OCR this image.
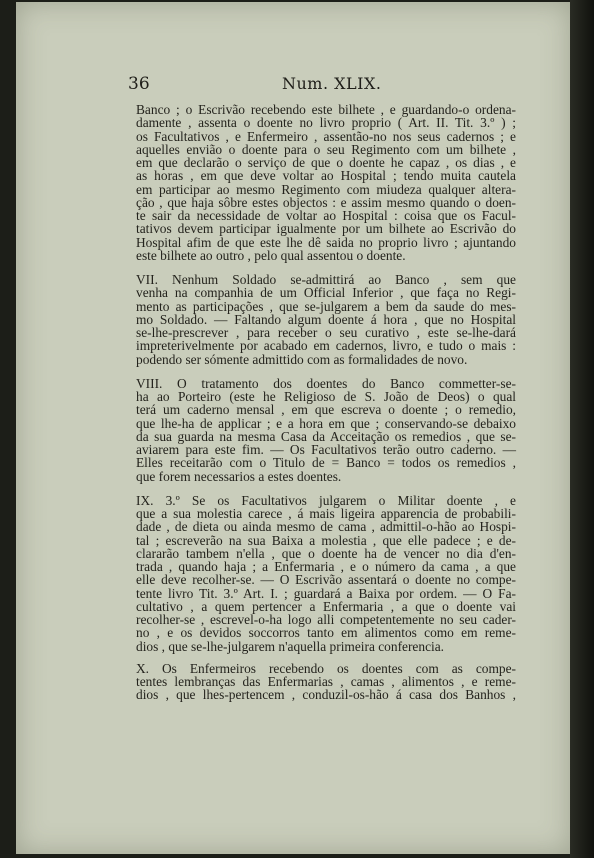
36	Num. XLIX.
Banco ; o Escrivão recebendo este bilhete , e guardando-o ordena-
damente , assenta o doente no livro proprio ( Art. II. Tit. 3.º ) ;
os Facultativos , e Enfermeiro , assentão-no nos seus cadernos ; e
aquelles envião o doente para o seu Regimento com um bilhete ,
em que declarão o serviço de que o doente he capaz , os dias , e
as horas , em que deve voltar ao Hospital ; tendo muita cautela
em participar ao mesmo Regimento com miudeza qualquer altera-
ção , que haja sôbre estes objectos : e assim mesmo quando o doen-
te sair da necessidade de voltar ao Hospital : coisa que os Facul-
tativos devem participar igualmente por um bilhete ao Escrivão do
Hospital afim de que este lhe dê saida no proprio livro ; ajuntando
este bilhete ao outro , pelo qual assentou o doente.
VII. Nenhum Soldado se-admittirá ao Banco , sem que
venha na companhia de um Official Inferior , que faça no Regi-
mento as participações , que se-julgarem a bem da saude do mes-
mo Soldado. — Faltando algum doente á hora , que no Hospital
se-lhe-prescrever , para receber o seu curativo , este se-lhe-dará
impreterivelmente por acabado em cadernos, livro, e tudo o mais :
podendo ser sómente admittido com as formalidades de novo.
VIII. O tratamento dos doentes do Banco commetter-se-
ha ao Porteiro (este he Religioso de S. João de Deos) o qual
terá um caderno mensal , em que escreva o doente ; o remedio,
que lhe-ha de applicar ; e a hora em que ; conservando-se debaixo
da sua guarda na mesma Casa da Acceitação os remedios , que se-
aviarem para este fim. — Os Facultativos terão outro caderno. —
Elles receitarão com o Titulo de = Banco = todos os remedios ,
que forem necessarios a estes doentes.
IX. 3.º Se os Facultativos julgarem o Militar doente , e
que a sua molestia carece , á mais ligeira apparencia de probabili-
dade , de dieta ou ainda mesmo de cama , admittil-o-hão ao Hospi-
tal ; escreverão na sua Baixa a molestia , que elle padece ; e de-
clararão tambem n'ella , que o doente ha de vencer no dia d'en-
trada , quando haja ; a Enfermaria , e o número da cama , a que
elle deve recolher-se. — O Escrivão assentará o doente no compe-
tente livro Tit. 3.º Art. I. ; guardará a Baixa por ordem. — O Fa-
cultativo , a quem pertencer a Enfermaria , a que o doente vai
recolher-se , escrevel-o-ha logo alli competentemente no seu cader-
no , e os devidos soccorros tanto em alimentos como em reme-
dios , que se-lhe-julgarem n'aquella primeira conferencia.
X. Os Enfermeiros recebendo os doentes com as compe-
tentes lembranças das Enfermarias , camas , alimentos , e reme-
dios , que lhes-pertencem , conduzil-os-hão á casa dos Banhos ,
